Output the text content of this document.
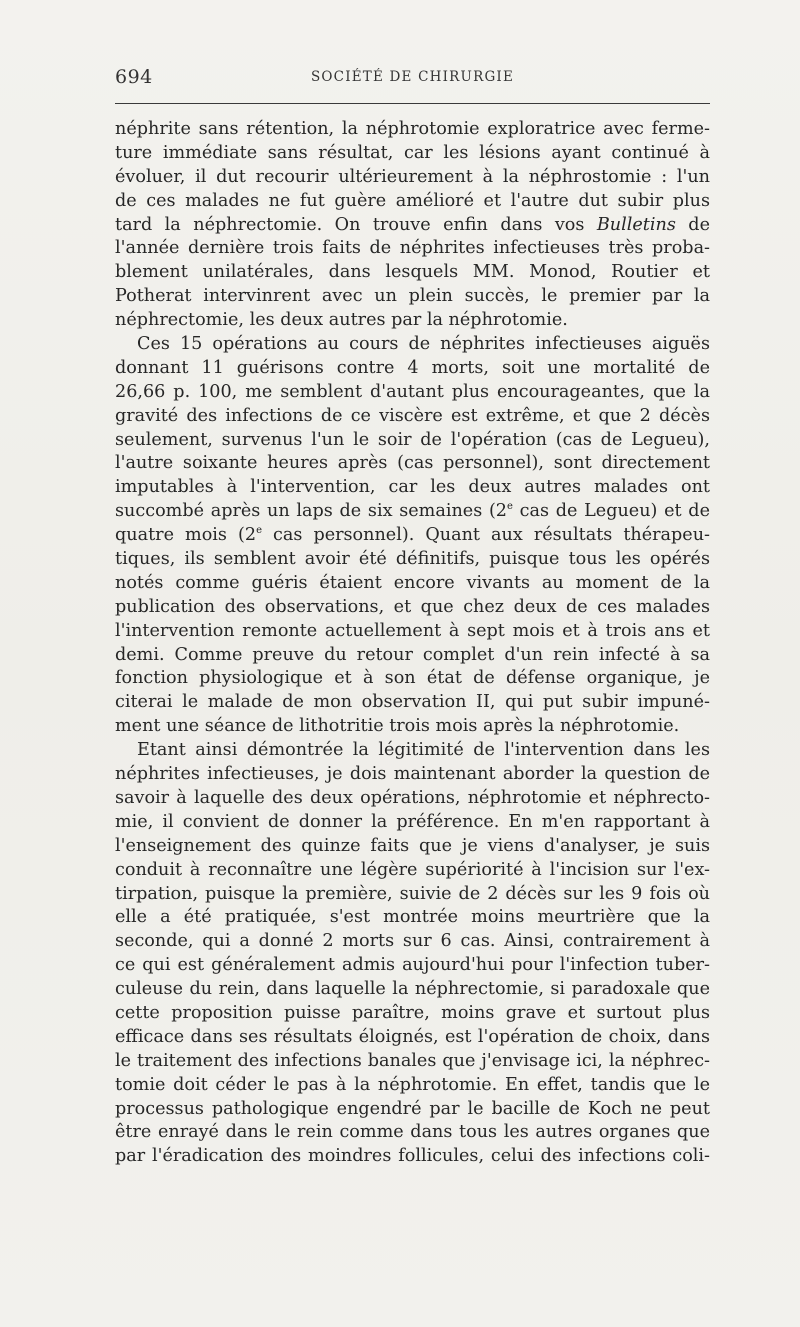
694	SOCIÉTÉ DE CHIRURGIE
néphrite sans rétention, la néphrotomie exploratrice avec ferme-
ture immédiate sans résultat, car les lésions ayant continué à
évoluer, il dut recourir ultérieurement à la néphrostomie : l'un
de ces malades ne fut guère amélioré et l'autre dut subir plus
tard la néphrectomie. On trouve enfin dans vos Bulletins de
l'année dernière trois faits de néphrites infectieuses très proba-
blement unilatérales, dans lesquels MM. Monod, Routier et
Potherat intervinrent avec un plein succès, le premier par la
néphrectomie, les deux autres par la néphrotomie.
Ces 15 opérations au cours de néphrites infectieuses aiguës
donnant 11 guérisons contre 4 morts, soit une mortalité de
26,66 p. 100, me semblent d'autant plus encourageantes, que la
gravité des infections de ce viscère est extrême, et que 2 décès
seulement, survenus l'un le soir de l'opération (cas de Legueu),
l'autre soixante heures après (cas personnel), sont directement
imputables à l'intervention, car les deux autres malades ont
succombé après un laps de six semaines (2e cas de Legueu) et de
quatre mois (2e cas personnel). Quant aux résultats thérapeu-
tiques, ils semblent avoir été définitifs, puisque tous les opérés
notés comme guéris étaient encore vivants au moment de la
publication des observations, et que chez deux de ces malades
l'intervention remonte actuellement à sept mois et à trois ans et
demi. Comme preuve du retour complet d'un rein infecté à sa
fonction physiologique et à son état de défense organique, je
citerai le malade de mon observation II, qui put subir impuné-
ment une séance de lithotritie trois mois après la néphrotomie.
Etant ainsi démontrée la légitimité de l'intervention dans les
néphrites infectieuses, je dois maintenant aborder la question de
savoir à laquelle des deux opérations, néphrotomie et néphrecto-
mie, il convient de donner la préférence. En m'en rapportant à
l'enseignement des quinze faits que je viens d'analyser, je suis
conduit à reconnaître une légère supériorité à l'incision sur l'ex-
tirpation, puisque la première, suivie de 2 décès sur les 9 fois où
elle a été pratiquée, s'est montrée moins meurtrière que la
seconde, qui a donné 2 morts sur 6 cas. Ainsi, contrairement à
ce qui est généralement admis aujourd'hui pour l'infection tuber-
culeuse du rein, dans laquelle la néphrectomie, si paradoxale que
cette proposition puisse paraître, moins grave et surtout plus
efficace dans ses résultats éloignés, est l'opération de choix, dans
le traitement des infections banales que j'envisage ici, la néphrec-
tomie doit céder le pas à la néphrotomie. En effet, tandis que le
processus pathologique engendré par le bacille de Koch ne peut
être enrayé dans le rein comme dans tous les autres organes que
par l'éradication des moindres follicules, celui des infections coli-
